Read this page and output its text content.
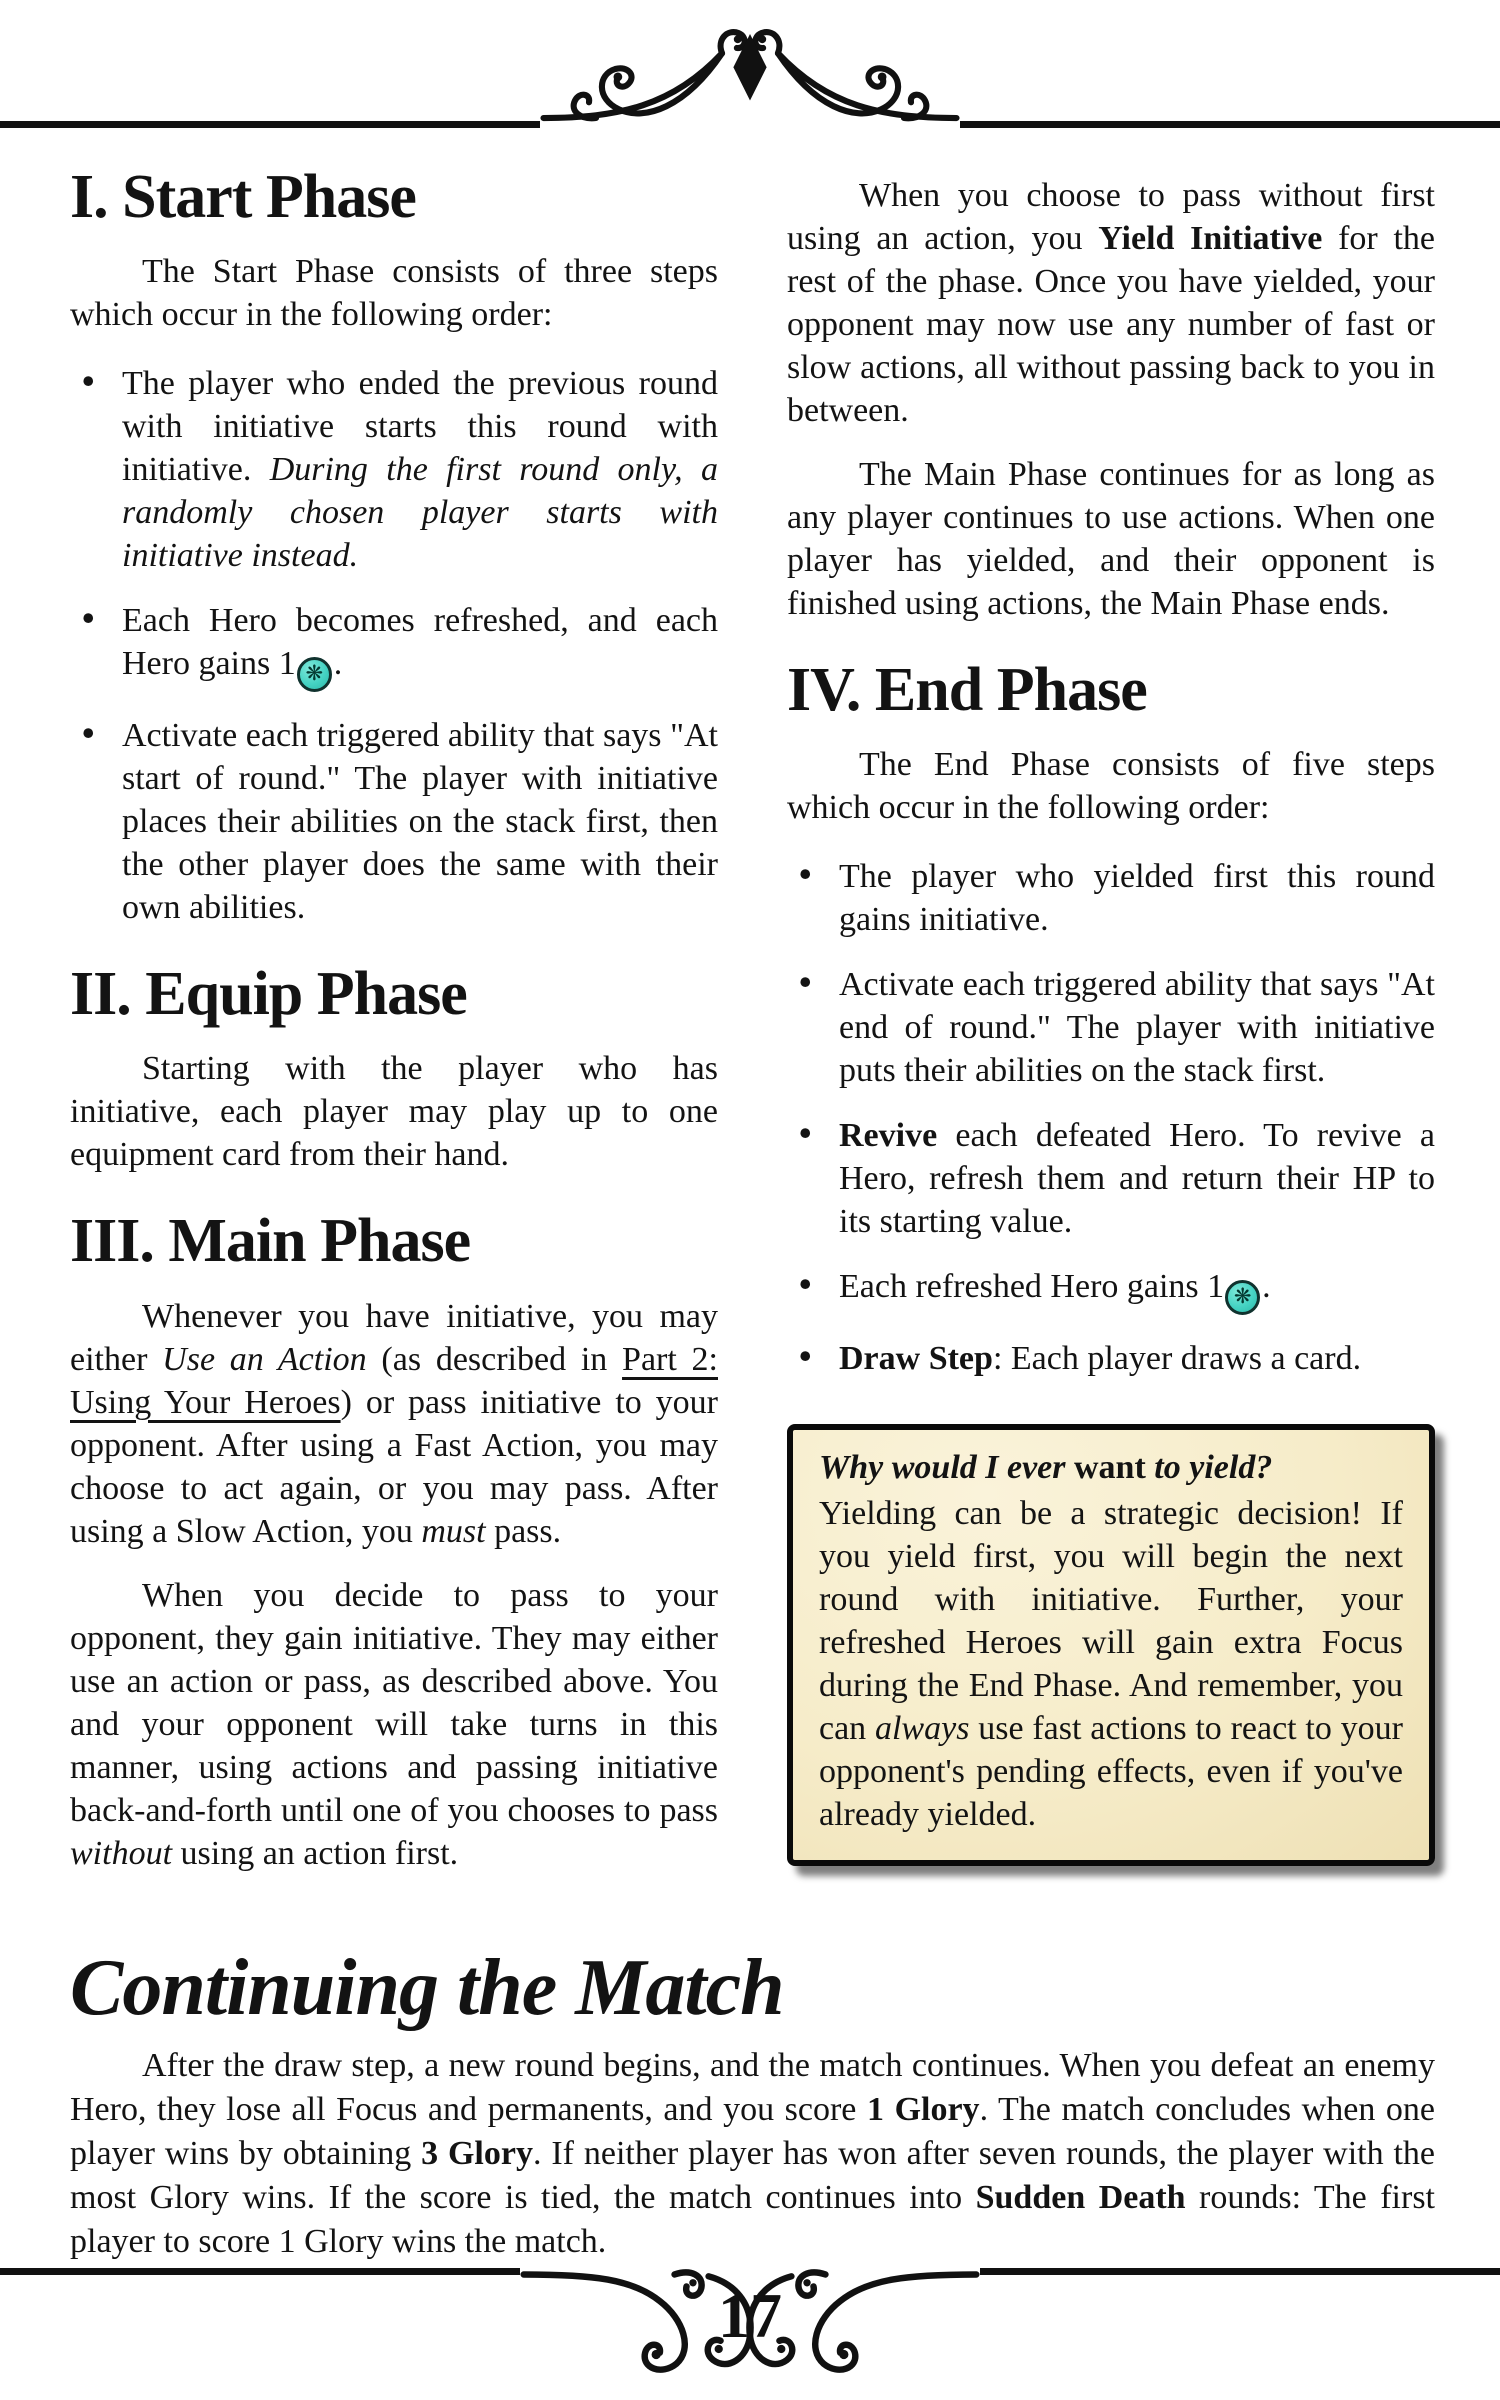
I. Start Phase

The Start Phase consists of three steps which occur in the following order:

• The player who ended the previous round with initiative starts this round with initiative. During the first round only, a randomly chosen player starts with initiative instead.
• Each Hero becomes refreshed, and each Hero gains 1 ❋ .
• Activate each triggered ability that says "At start of round." The player with initiative places their abilities on the stack first, then the other player does the same with their own abilities.
II. Equip Phase

Starting with the player who has initiative, each player may play up to one equipment card from their hand.

III. Main Phase

Whenever you have initiative, you may either Use an Action (as described in Part 2: Using Your Heroes) or pass initiative to your opponent. After using a Fast Action, you may choose to act again, or you may pass. After using a Slow Action, you must pass.

When you decide to pass to your opponent, they gain initiative. They may either use an action or pass, as described above. You and your opponent will take turns in this manner, using actions and passing initiative back-and-forth until one of you chooses to pass without using an action first.

When you choose to pass without first using an action, you Yield Initiative for the rest of the phase. Once you have yielded, your opponent may now use any number of fast or slow actions, all without passing back to you in between.

The Main Phase continues for as long as any player continues to use actions. When one player has yielded, and their opponent is finished using actions, the Main Phase ends.

IV. End Phase

The End Phase consists of five steps which occur in the following order:

• The player who yielded first this round gains initiative.
• Activate each triggered ability that says "At end of round." The player with initiative puts their abilities on the stack first.
• Revive each defeated Hero. To revive a Hero, refresh them and return their HP to its starting value.
• Each refreshed Hero gains 1 ❋ .
• Draw Step: Each player draws a card.

Why would I ever want to yield?

Yielding can be a strategic decision! If you yield first, you will begin the next round with initiative. Further, your refreshed Heroes will gain extra Focus during the End Phase. And remember, you can always use fast actions to react to your opponent's pending effects, even if you've already yielded.

Continuing the Match

After the draw step, a new round begins, and the match continues. When you defeat an enemy Hero, they lose all Focus and permanents, and you score 1 Glory. The match concludes when one player wins by obtaining 3 Glory. If neither player has won after seven rounds, the player with the most Glory wins. If the score is tied, the match continues into Sudden Death rounds: The first player to score 1 Glory wins the match.

17
